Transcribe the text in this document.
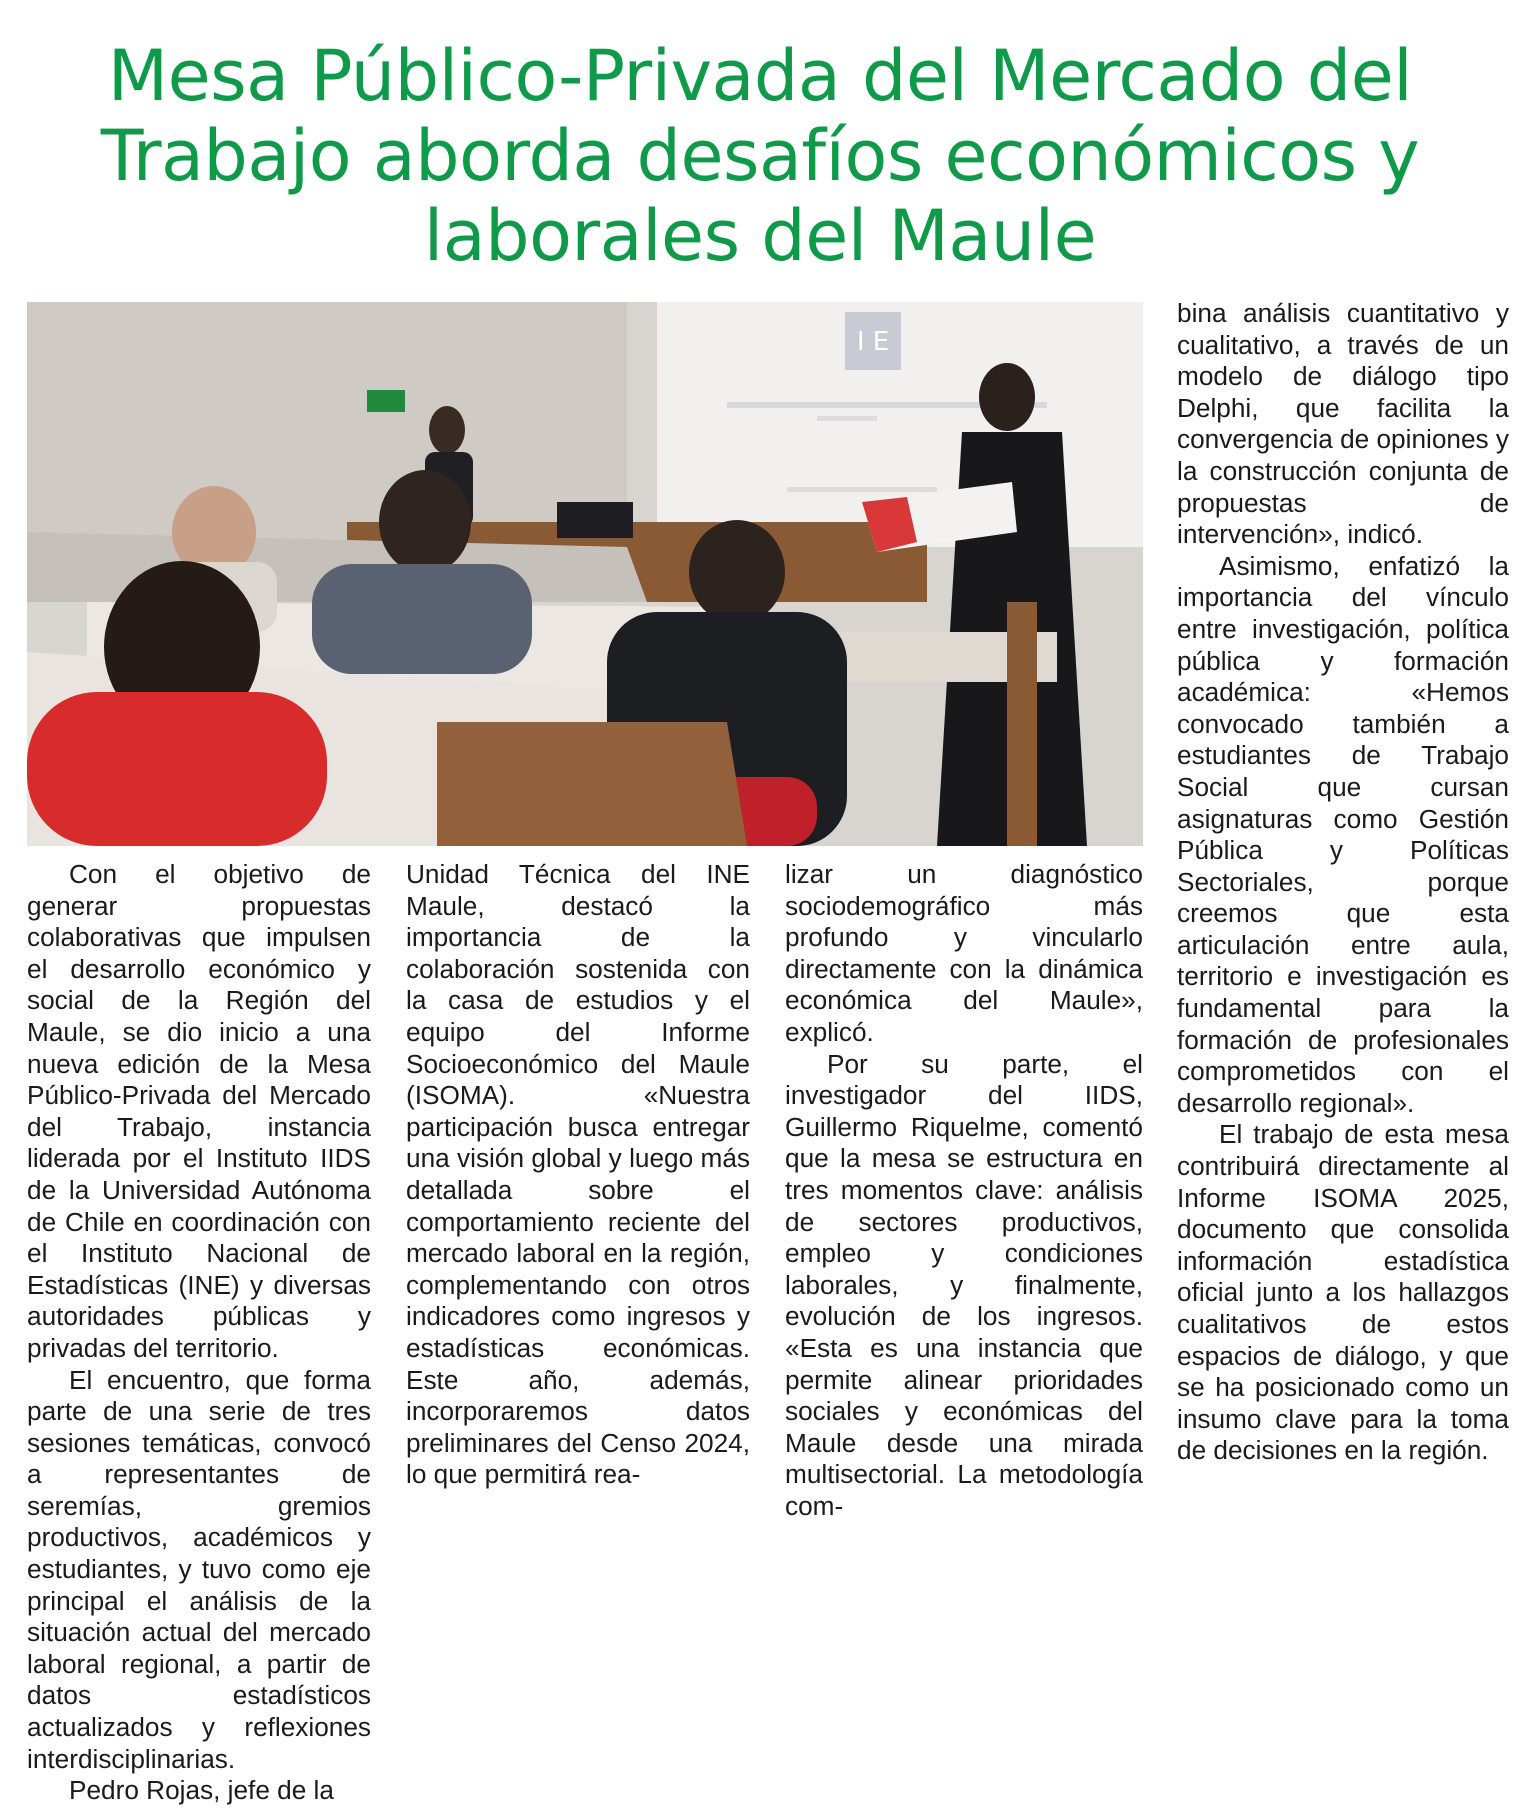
Mesa Público-Privada del Mercado del Trabajo aborda desafíos económicos y laborales del Maule
I E

Con el objetivo de generar propuestas colaborativas que impulsen el desarrollo económico y social de la Región del Maule, se dio inicio a una nueva edición de la Mesa Público-Privada del Mercado del Trabajo, instancia liderada por el Instituto IIDS de la Universidad Autónoma de Chile en coordinación con el Instituto Nacional de Estadísticas (INE) y diversas autoridades públicas y privadas del territorio.

El encuentro, que forma parte de una serie de tres sesiones temáticas, convocó a representantes de seremías, gremios productivos, académicos y estudiantes, y tuvo como eje principal el análisis de la situación actual del mercado laboral regional, a partir de datos estadísticos actualizados y reflexiones interdisciplinarias.

Pedro Rojas, jefe de la

Unidad Técnica del INE Maule, destacó la importancia de la colaboración sostenida con la casa de estudios y el equipo del Informe Socioeconómico del Maule (ISOMA). «Nuestra participación busca entregar una visión global y luego más detallada sobre el comportamiento reciente del mercado laboral en la región, complementando con otros indicadores como ingresos y estadísticas económicas. Este año, además, incorporaremos datos preliminares del Censo 2024, lo que permitirá rea-

lizar un diagnóstico sociodemográfico más profundo y vincularlo directamente con la dinámica económica del Maule», explicó.

Por su parte, el investigador del IIDS, Guillermo Riquelme, comentó que la mesa se estructura en tres momentos clave: análisis de sectores productivos, empleo y condiciones laborales, y finalmente, evolución de los ingresos. «Esta es una instancia que permite alinear prioridades sociales y económicas del Maule desde una mirada multisectorial. La metodología com-

bina análisis cuantitativo y cualitativo, a través de un modelo de diálogo tipo Delphi, que facilita la convergencia de opiniones y la construcción conjunta de propuestas de intervención», indicó.

Asimismo, enfatizó la importancia del vínculo entre investigación, política pública y formación académica: «Hemos convocado también a estudiantes de Trabajo Social que cursan asignaturas como Gestión Pública y Políticas Sectoriales, porque creemos que esta articulación entre aula, territorio e investigación es fundamental para la formación de profesionales comprometidos con el desarrollo regional».

El trabajo de esta mesa contribuirá directamente al Informe ISOMA 2025, documento que consolida información estadística oficial junto a los hallazgos cualitativos de estos espacios de diálogo, y que se ha posicionado como un insumo clave para la toma de decisiones en la región.
